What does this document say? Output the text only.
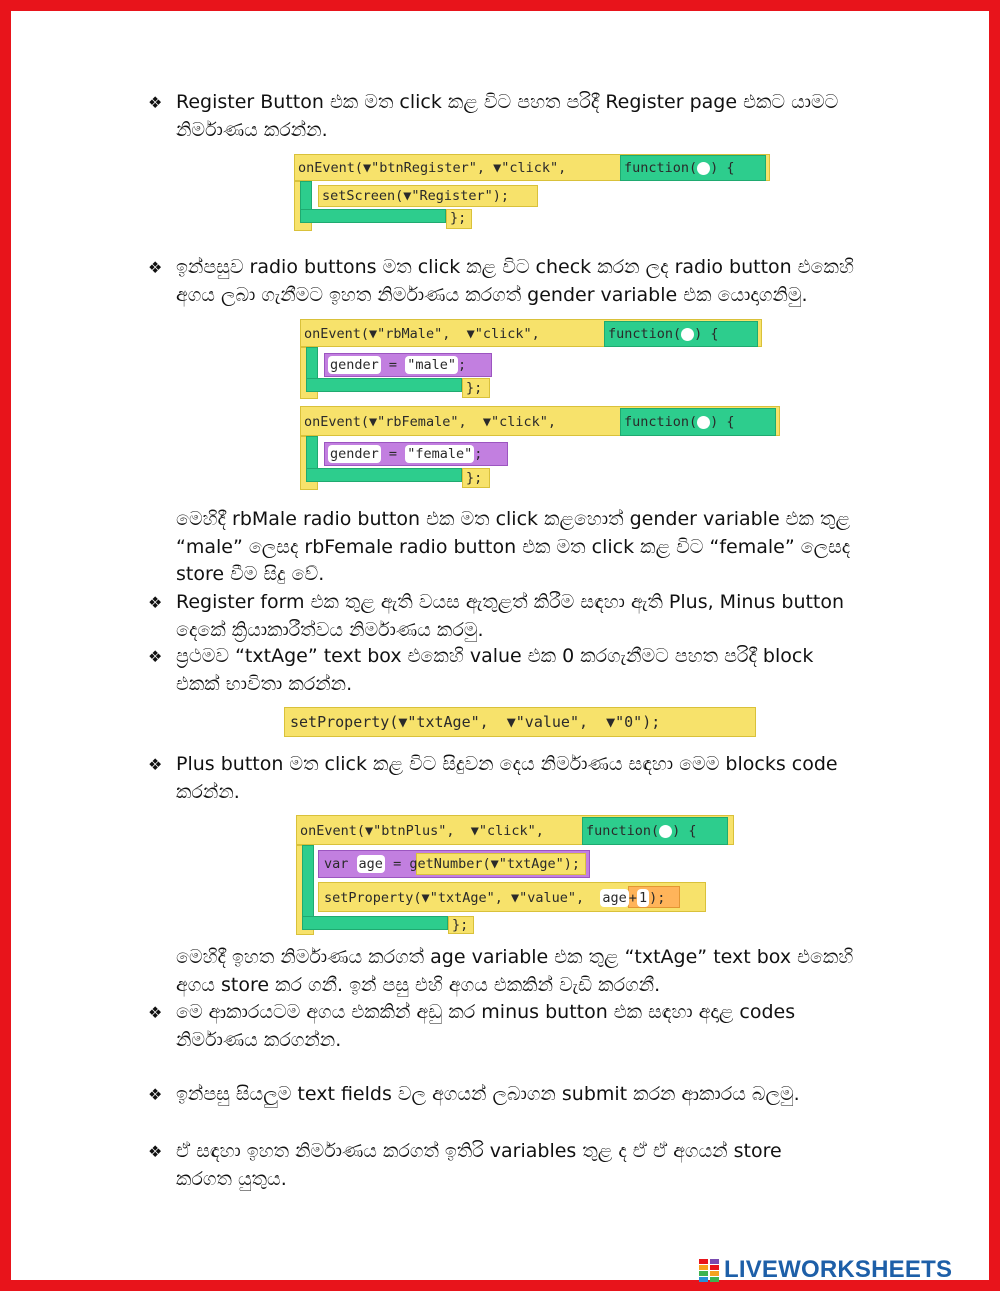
❖ Register Button එක මත click කළ විට පහත පරිදී Register page එකට යාමට
නිර්මාණය කරන්න.
onEvent(▼"btnRegister", ▼"click",	function( ) {
setScreen(▼"Register");
};
❖ ඉන්පසුව radio buttons මත click කළ විට check කරන ලද radio button එකෙහි
අගය ලබා ගැනීමට ඉහත නිර්මාණය කරගත් gender variable එක යොදාගනිමු.
onEvent(▼"rbMale",  ▼"click",	function( ) {
gender = "male" ;
};
onEvent(▼"rbFemale",  ▼"click",	function( ) {
gender = "female" ;
};
මෙහිදී rbMale radio button එක මත click කළහොත් gender variable එක තුළ
“male” ලෙසද rbFemale radio button එක මත click කළ විට “female” ලෙසද
store වීම සිදු වේ.
❖ Register form එක තුළ ඇති වයස ඇතුළත් කිරීම සඳහා ඇති Plus, Minus button
දෙකේ ක්‍රියාකාරීත්වය නිර්මාණය කරමු.
❖ ප්‍රථමව “txtAge” text box එකෙහි value එක 0 කරගැනීමට පහත පරිදී block
එකක් භාවිතා කරන්න.
setProperty(▼"txtAge",  ▼"value",  ▼"0");
❖ Plus button මත click කළ විට සිදුවන දෙය නිර්මාණය සඳහා මෙම blocks code
කරන්න.
onEvent(▼"btnPlus",  ▼"click",	function( ) {
var age = getNumber(▼"txtAge");
setProperty(▼"txtAge", ▼"value", age + 1 );
};
මෙහිදී ඉහත නිර්මාණය කරගත් age variable එක තුළ “txtAge” text box එකෙහි
අගය store කර ගනී. ඉන් පසු එහි අගය එකකින් වැඩි කරගනී.
❖ මෙ ආකාරයටම අගය එකකින් අඩු කර minus button එක සඳහා අදාළ codes
නිර්මාණය කරගන්න.
❖ ඉන්පසු සියලුම text fields වල අගයන් ලබාගන submit කරන ආකාරය බලමු.
❖ ඒ සඳහා ඉහත නිර්මාණය කරගත් ඉතිරි variables තුළ ද ඒ ඒ අගයන් store
කරගත යුතුය.
LIVEWORKSHEETS
